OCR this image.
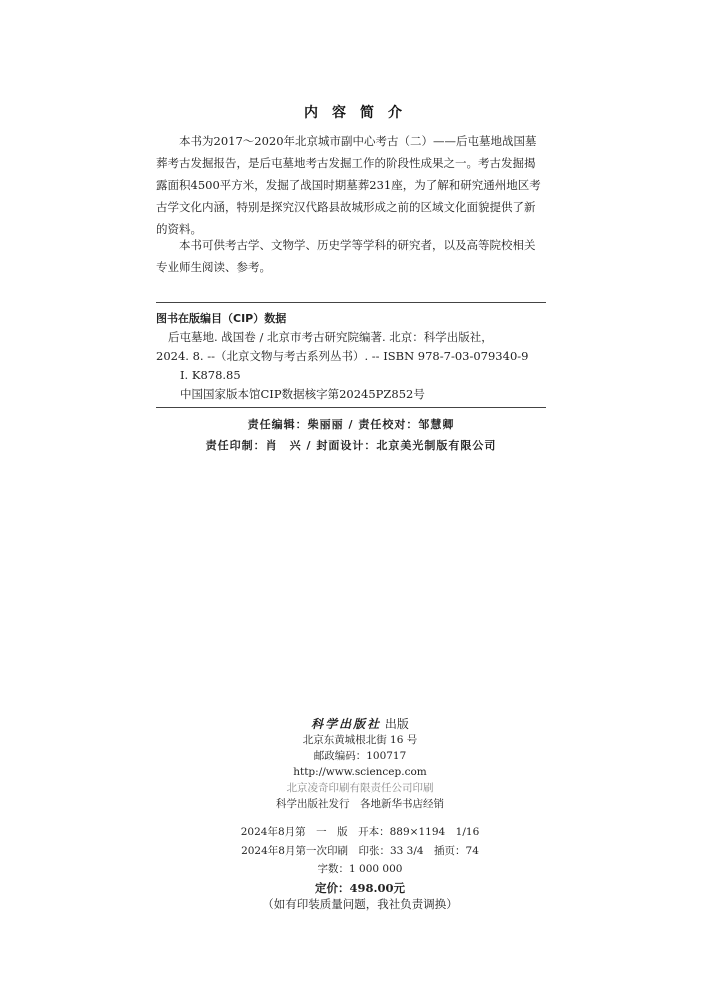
内容简介

本书为2017～2020年北京城市副中心考古（二）——后屯墓地战国墓葬考古发掘报告，是后屯墓地考古发掘工作的阶段性成果之一。考古发掘揭露面积4500平方米，发掘了战国时期墓葬231座，为了解和研究通州地区考古学文化内涵，特别是探究汉代路县故城形成之前的区域文化面貌提供了新的资料。

本书可供考古学、文物学、历史学等学科的研究者，以及高等院校相关专业师生阅读、参考。

图书在版编目（CIP）数据
后屯墓地. 战国卷 / 北京市考古研究院编著. 北京：科学出版社，
2024. 8. --（北京文物与考古系列丛书）. -- ISBN 978-7-03-079340-9
Ⅰ. K878.85
中国国家版本馆CIP数据核字第20245PZ852号
责任编辑：柴丽丽 / 责任校对：邹慧卿
责任印制：肖　兴 / 封面设计：北京美光制版有限公司
科学出版社 出版
北京东黄城根北街 16 号
邮政编码：100717
http://www.sciencep.com
北京凌奇印刷有限责任公司印刷
科学出版社发行　各地新华书店经销
2024年8月第　一　版　开本：889×1194　1/16
2024年8月第一次印刷　印张：33 3/4　插页：74
字数：1 000 000
定价：498.00元
（如有印装质量问题，我社负责调换）
